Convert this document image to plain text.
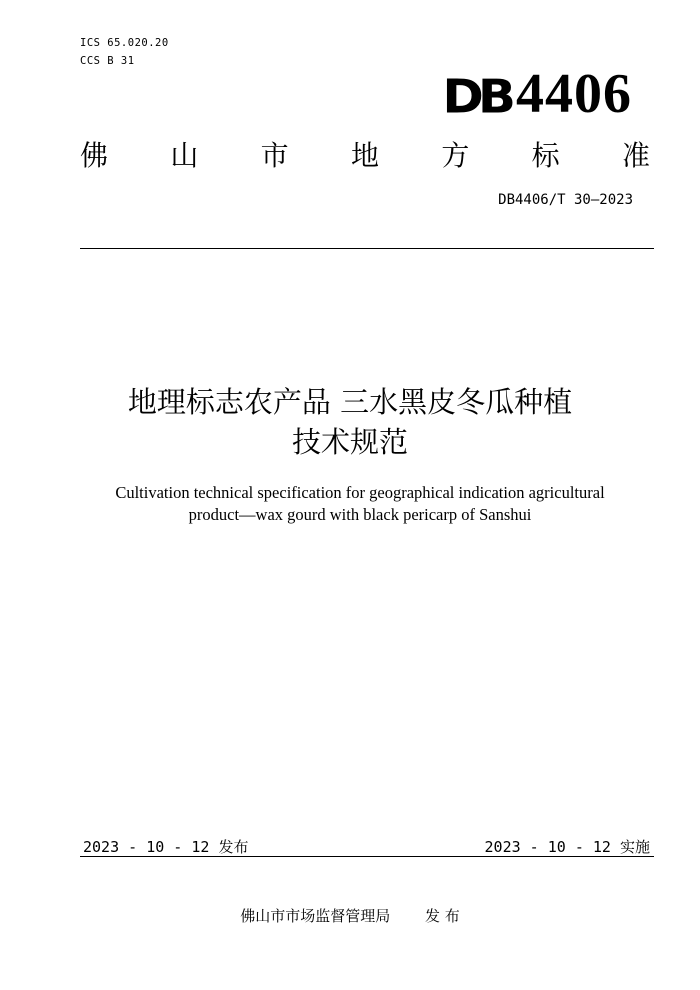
ICS 65.020.20
CCS B 31
DB 4406
佛 山 市 地 方 标 准
DB4406/T 30—2023
地理标志农产品 三水黑皮冬瓜种植
技术规范
Cultivation technical specification for geographical indication agricultural
product—wax gourd with black pericarp of Sanshui
2023 - 10 - 12 发布	2023 - 10 - 12 实施
佛山市市场监督管理局 发 布
